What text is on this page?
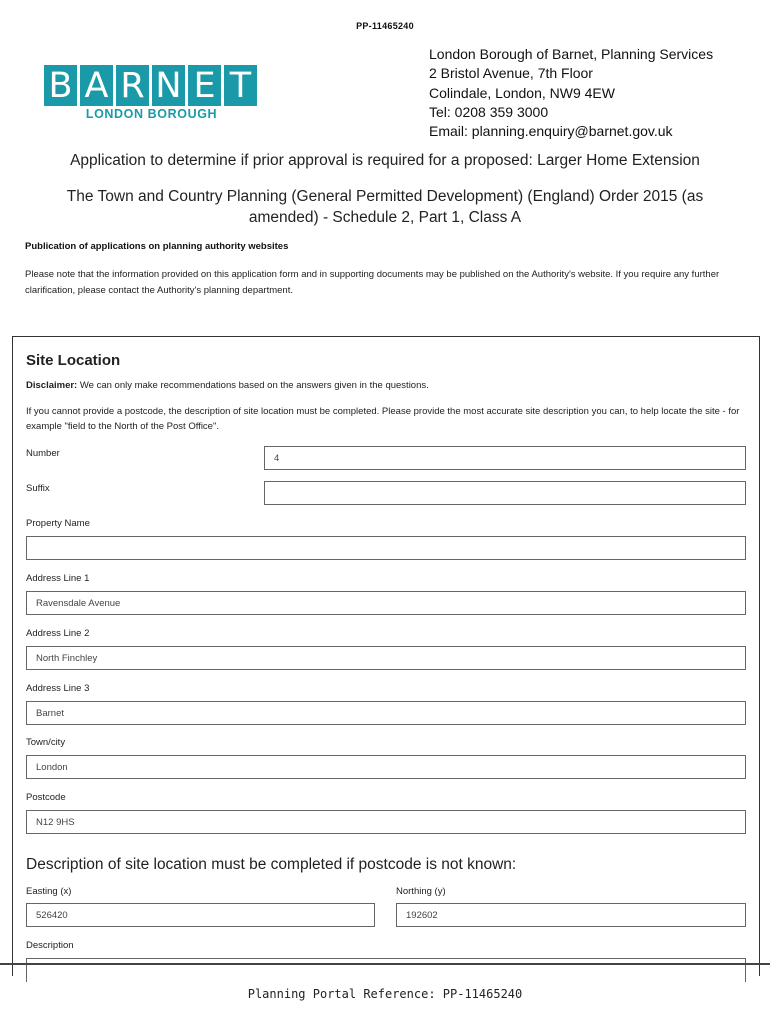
PP-11465240
B A R N E T
LONDON BOROUGH
London Borough of Barnet, Planning Services
2 Bristol Avenue, 7th Floor
Colindale, London, NW9 4EW
Tel: 0208 359 3000
Email: planning.enquiry@barnet.gov.uk
Application to determine if prior approval is required for a proposed: Larger Home Extension
The Town and Country Planning (General Permitted Development) (England) Order 2015 (as amended) - Schedule 2, Part 1, Class A
Publication of applications on planning authority websites
Please note that the information provided on this application form and in supporting documents may be published on the Authority's website. If you require any further clarification, please contact the Authority's planning department.
Site Location
Disclaimer: We can only make recommendations based on the answers given in the questions.
If you cannot provide a postcode, the description of site location must be completed. Please provide the most accurate site description you can, to help locate the site - for example "field to the North of the Post Office".
Number	4
Suffix
Property Name
Address Line 1
Ravensdale Avenue
Address Line 2
North Finchley
Address Line 3
Barnet
Town/city
London
Postcode
N12 9HS
Description of site location must be completed if postcode is not known:
Easting (x)
526420
Northing (y)
192602
Description
Planning Portal Reference: PP-11465240
